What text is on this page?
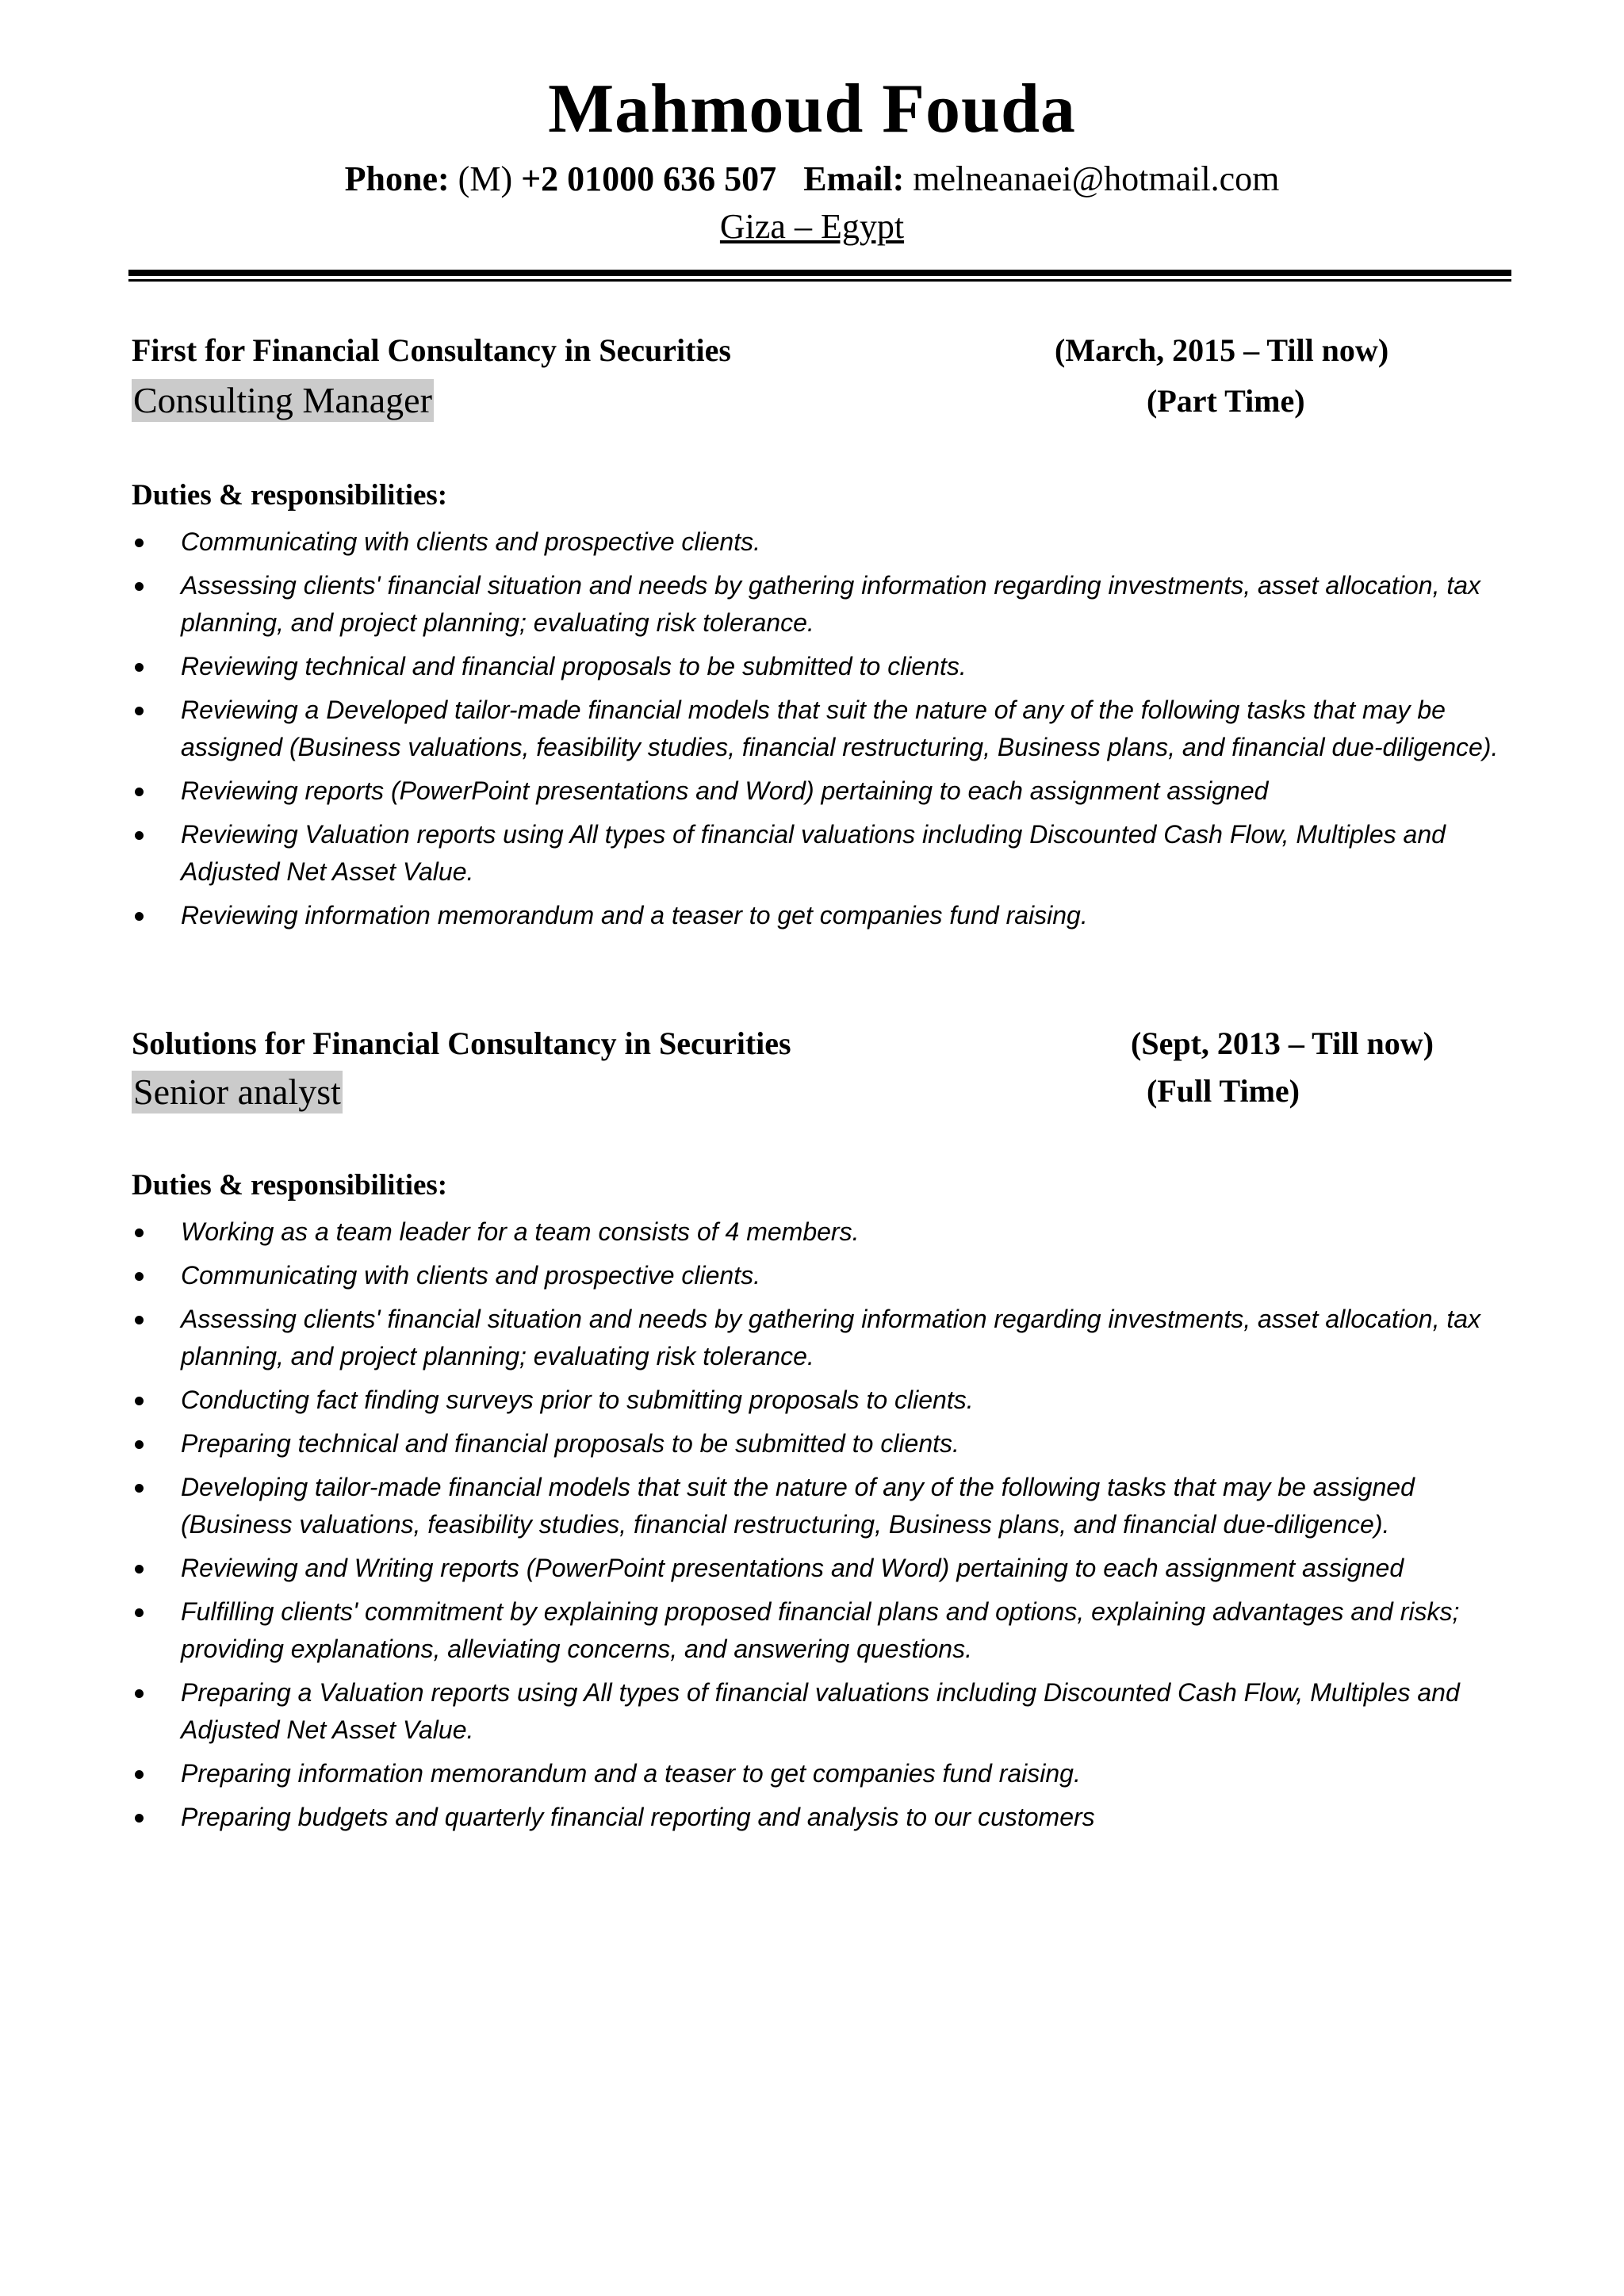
Mahmoud Fouda
Phone: (M) +2 01000 636 507 Email: melneanaei@hotmail.com
Giza – Egypt
First for Financial Consultancy in Securities	(March, 2015 – Till now)
Consulting Manager	(Part Time)
Duties & responsibilities:
Communicating with clients and prospective clients.
Assessing clients' financial situation and needs by gathering information regarding investments, asset allocation, tax planning, and project planning; evaluating risk tolerance.
Reviewing technical and financial proposals to be submitted to clients.
Reviewing a Developed tailor-made financial models that suit the nature of any of the following tasks that may be assigned (Business valuations, feasibility studies, financial restructuring, Business plans, and financial due-diligence).
Reviewing reports (PowerPoint presentations and Word) pertaining to each assignment assigned
Reviewing Valuation reports using All types of financial valuations including Discounted Cash Flow, Multiples and Adjusted Net Asset Value.
Reviewing information memorandum and a teaser to get companies fund raising.
Solutions for Financial Consultancy in Securities	(Sept, 2013 – Till now)
Senior analyst	(Full Time)
Duties & responsibilities:
Working as a team leader for a team consists of 4 members.
Communicating with clients and prospective clients.
Assessing clients' financial situation and needs by gathering information regarding investments, asset allocation, tax planning, and project planning; evaluating risk tolerance.
Conducting fact finding surveys prior to submitting proposals to clients.
Preparing technical and financial proposals to be submitted to clients.
Developing tailor-made financial models that suit the nature of any of the following tasks that may be assigned (Business valuations, feasibility studies, financial restructuring, Business plans, and financial due-diligence).
Reviewing and Writing reports (PowerPoint presentations and Word) pertaining to each assignment assigned
Fulfilling clients' commitment by explaining proposed financial plans and options, explaining advantages and risks; providing explanations, alleviating concerns, and answering questions.
Preparing a Valuation reports using All types of financial valuations including Discounted Cash Flow, Multiples and Adjusted Net Asset Value.
Preparing information memorandum and a teaser to get companies fund raising.
Preparing budgets and quarterly financial reporting and analysis to our customers
